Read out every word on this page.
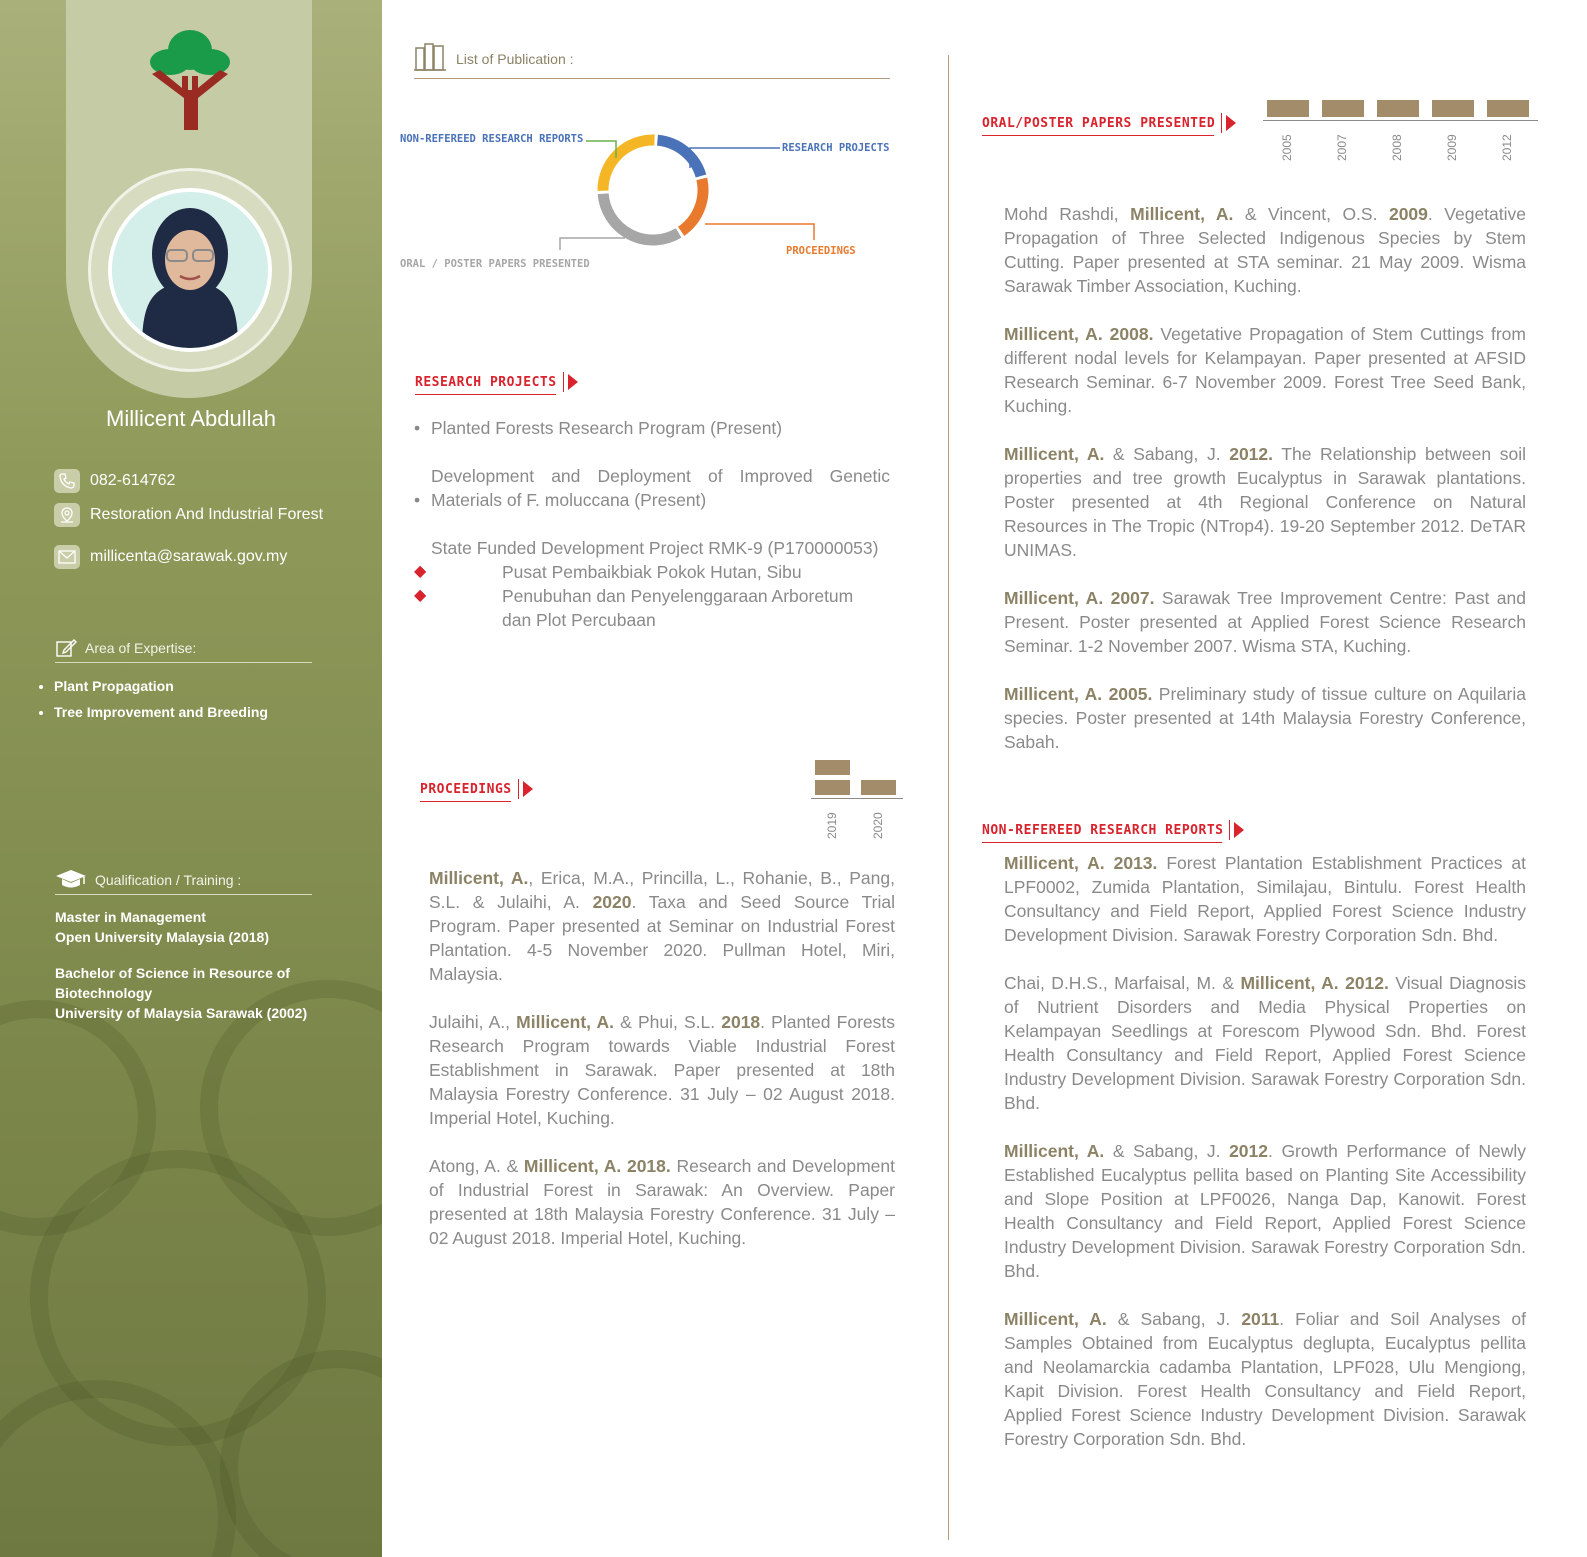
Millicent Abdullah
082-614762
Restoration And Industrial Forest
millicenta@sarawak.gov.my
Area of Expertise:
• Plant Propagation
• Tree Improvement and Breeding
Qualification / Training :
Master in Management
Open University Malaysia (2018)
Bachelor of Science in Resource of
Biotechnology
University of Malaysia Sarawak (2002)
List of Publication :
NON-REFEREED RESEARCH REPORTS
RESEARCH PROJECTS
PROCEEDINGS
ORAL / POSTER PAPERS PRESENTED
RESEARCH PROJECTS
• Planted Forests Research Program (Present)
Development and Deployment of Improved Genetic
• Materials of F. moluccana (Present)
State Funded Development Project RMK-9 (P170000053)
◆	Pusat Pembaikbiak Pokok Hutan, Sibu
◆	Penubuhan dan Penyelenggaraan Arboretum
dan Plot Percubaan
PROCEEDINGS
2019	2020
Millicent, A., Erica, M.A., Princilla, L., Rohanie, B., Pang, S.L. & Julaihi, A. 2020. Taxa and Seed Source Trial Program. Paper presented at Seminar on Industrial Forest Plantation. 4-5 November 2020. Pullman Hotel, Miri, Malaysia.
Julaihi, A., Millicent, A. & Phui, S.L. 2018. Planted Forests Research Program towards Viable Industrial Forest Establishment in Sarawak. Paper presented at 18th Malaysia Forestry Conference. 31 July – 02 August 2018. Imperial Hotel, Kuching.
Atong, A. & Millicent, A. 2018. Research and Development of Industrial Forest in Sarawak: An Overview. Paper presented at 18th Malaysia Forestry Conference. 31 July – 02 August 2018. Imperial Hotel, Kuching.
ORAL/POSTER PAPERS PRESENTED
2005	2007	2008	2009	2012
Mohd Rashdi, Millicent, A. & Vincent, O.S. 2009. Vegetative Propagation of Three Selected Indigenous Species by Stem Cutting. Paper presented at STA seminar. 21 May 2009. Wisma Sarawak Timber Association, Kuching.
Millicent, A. 2008. Vegetative Propagation of Stem Cuttings from different nodal levels for Kelampayan. Paper presented at AFSID Research Seminar. 6-7 November 2009. Forest Tree Seed Bank, Kuching.
Millicent, A. & Sabang, J. 2012. The Relationship between soil properties and tree growth Eucalyptus in Sarawak plantations. Poster presented at 4th Regional Conference on Natural Resources in The Tropic (NTrop4). 19-20 September 2012. DeTAR UNIMAS.
Millicent, A. 2007. Sarawak Tree Improvement Centre: Past and Present. Poster presented at Applied Forest Science Research Seminar. 1-2 November 2007. Wisma STA, Kuching.
Millicent, A. 2005. Preliminary study of tissue culture on Aquilaria species. Poster presented at 14th Malaysia Forestry Conference, Sabah.
NON-REFEREED RESEARCH REPORTS
Millicent, A. 2013. Forest Plantation Establishment Practices at LPF0002, Zumida Plantation, Similajau, Bintulu. Forest Health Consultancy and Field Report, Applied Forest Science Industry Development Division. Sarawak Forestry Corporation Sdn. Bhd.
Chai, D.H.S., Marfaisal, M. & Millicent, A. 2012. Visual Diagnosis of Nutrient Disorders and Media Physical Properties on Kelampayan Seedlings at Forescom Plywood Sdn. Bhd. Forest Health Consultancy and Field Report, Applied Forest Science Industry Development Division. Sarawak Forestry Corporation Sdn. Bhd.
Millicent, A. & Sabang, J. 2012. Growth Performance of Newly Established Eucalyptus pellita based on Planting Site Accessibility and Slope Position at LPF0026, Nanga Dap, Kanowit. Forest Health Consultancy and Field Report, Applied Forest Science Industry Development Division. Sarawak Forestry Corporation Sdn. Bhd.
Millicent, A. & Sabang, J. 2011. Foliar and Soil Analyses of Samples Obtained from Eucalyptus deglupta, Eucalyptus pellita and Neolamarckia cadamba Plantation, LPF028, Ulu Mengiong, Kapit Division. Forest Health Consultancy and Field Report, Applied Forest Science Industry Development Division. Sarawak Forestry Corporation Sdn. Bhd.
